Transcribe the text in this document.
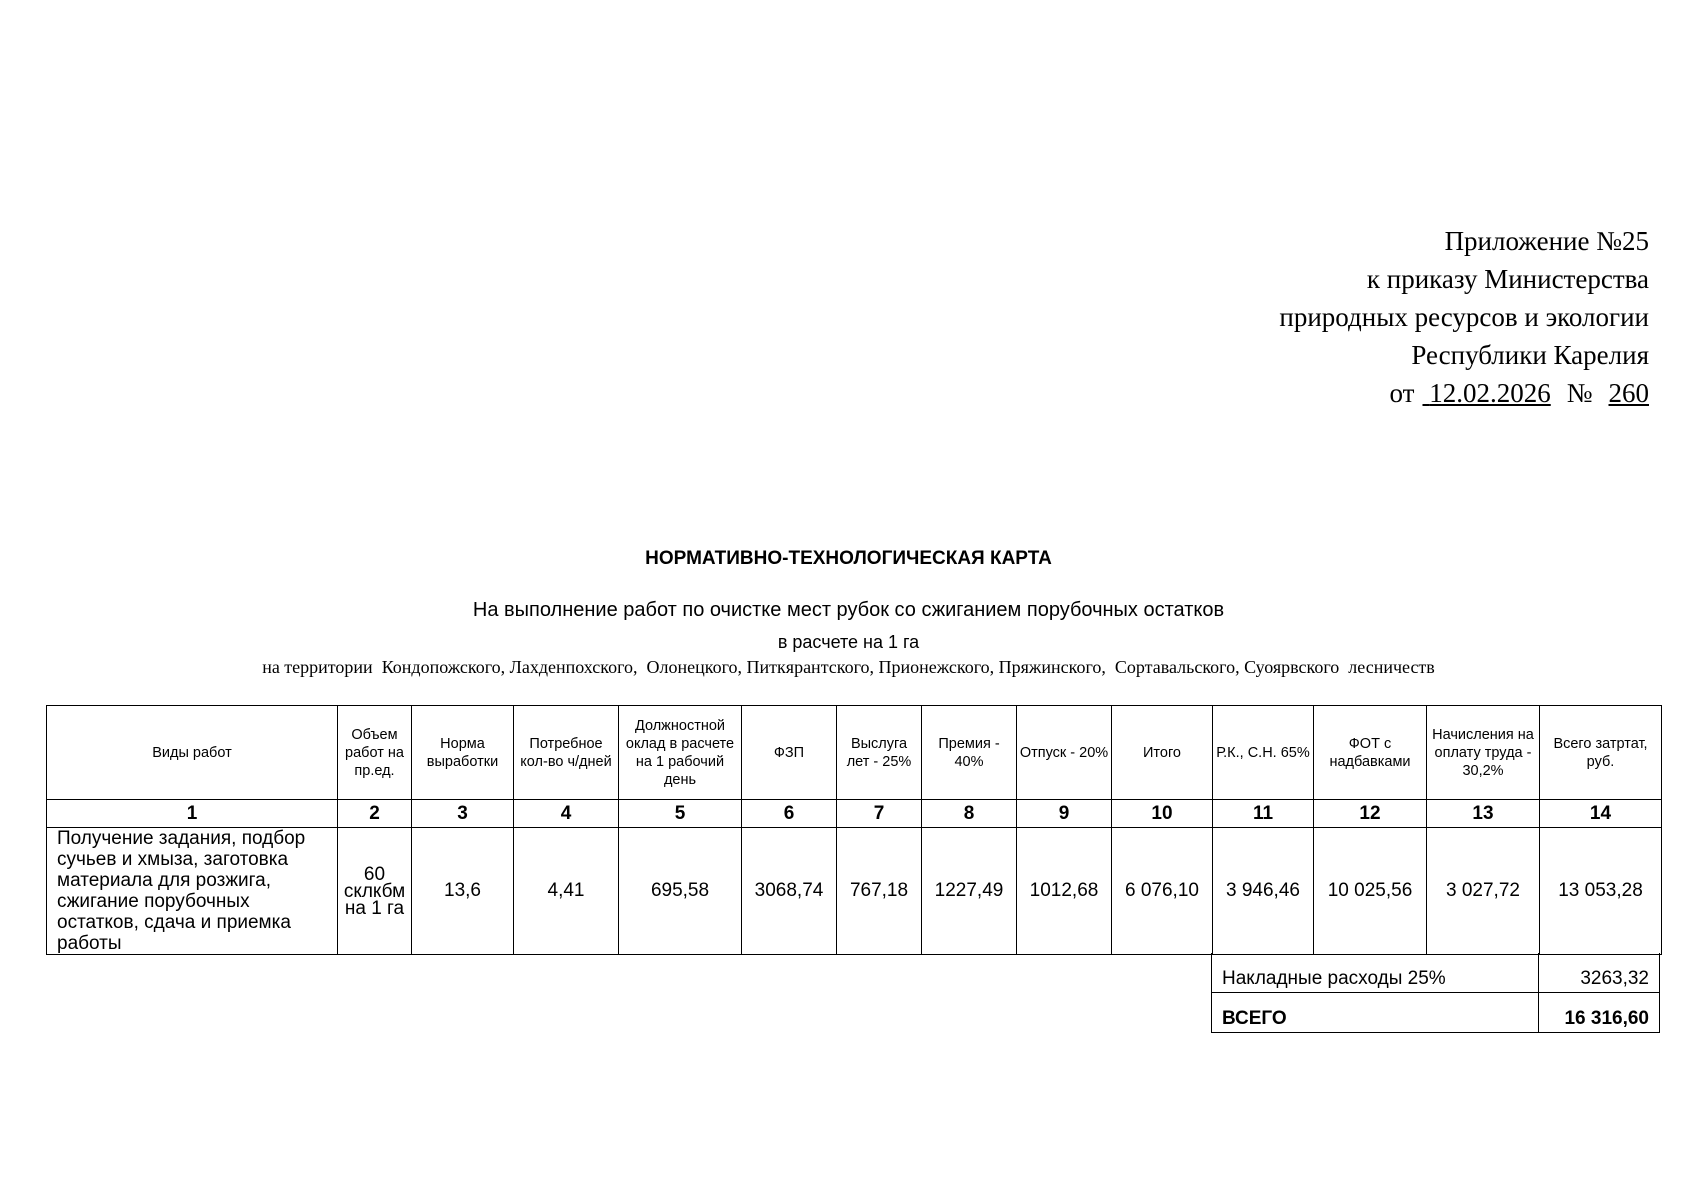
Приложение №25
к приказу Министерства
природных ресурсов и экологии
Республики Карелия
от 12.02.2026 № 260
НОРМАТИВНО-ТЕХНОЛОГИЧЕСКАЯ КАРТА
На выполнение работ по очистке мест рубок со сжиганием порубочных остатков
в расчете на 1 га
на территории  Кондопожского, Лахденпохского,  Олонецкого, Питкярантского, Прионежского, Пряжинского,  Сортавальского, Суоярвского  лесничеств
Виды работ	Объем работ на пр.ед.	Норма выработки	Потребное кол-во ч/дней	Должностной оклад в расчете на 1 рабочий день	ФЗП	Выслуга лет - 25%	Премия - 40%	Отпуск - 20%	Итого	Р.К., С.Н. 65%	ФОТ с надбавками	Начисления на оплату труда - 30,2%	Всего затртат, руб.
1	2	3	4	5	6	7	8	9	10	11	12	13	14
Получение задания, подбор сучьев и хмыза, заготовка материала для розжига, сжигание порубочных остатков, сдача и приемка работы	60 склкбм на 1 га	13,6	4,41	695,58	3068,74	767,18	1227,49	1012,68	6 076,10	3 946,46	10 025,56	3 027,72	13 053,28
Накладные расходы 25%	3263,32
ВСЕГО	16 316,60
